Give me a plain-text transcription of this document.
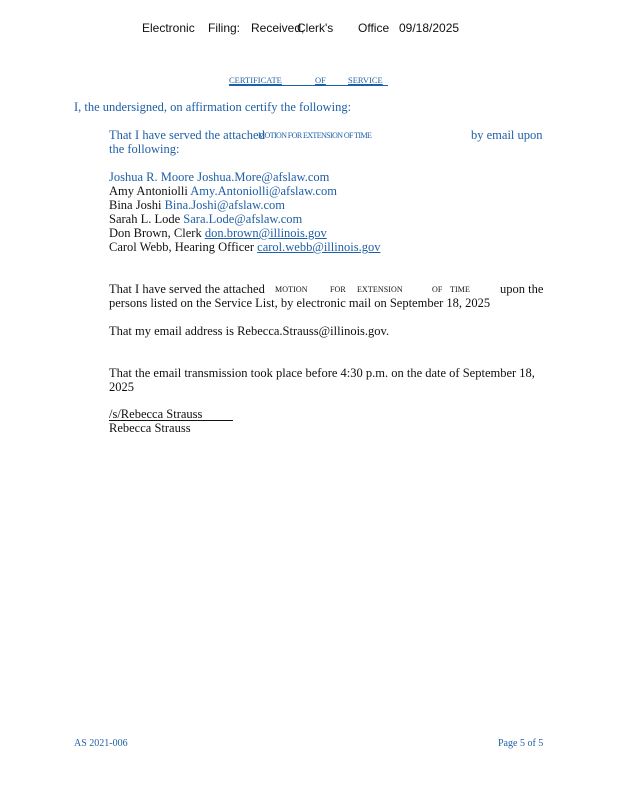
Electronic Filing: Received,
Clerk's Office 09/18/2025
CERTIFICATE	OF	SERVICE
I, the undersigned, on affirmation certify the following:
That I have served the attached
MOTION FOR EXTENSION OF TIME	by email upon
the following:
Joshua R. Moore Joshua.More@afslaw.com
Amy Antoniolli Amy.Antoniolli@afslaw.com
Bina Joshi Bina.Joshi@afslaw.com
Sarah L. Lode Sara.Lode@afslaw.com
Don Brown, Clerk don.brown@illinois.gov
Carol Webb, Hearing Officer carol.webb@illinois.gov
That I have served the attached MOTION	FOR EXTENSION	OF TIME upon the
persons listed on the Service List, by electronic mail on September 18, 2025
That my email address is Rebecca.Strauss@illinois.gov.
That the email transmission took place before 4:30 p.m. on the date of September 18,
2025
/s/Rebecca Strauss
Rebecca Strauss
AS 2021-006	Page 5 of 5
